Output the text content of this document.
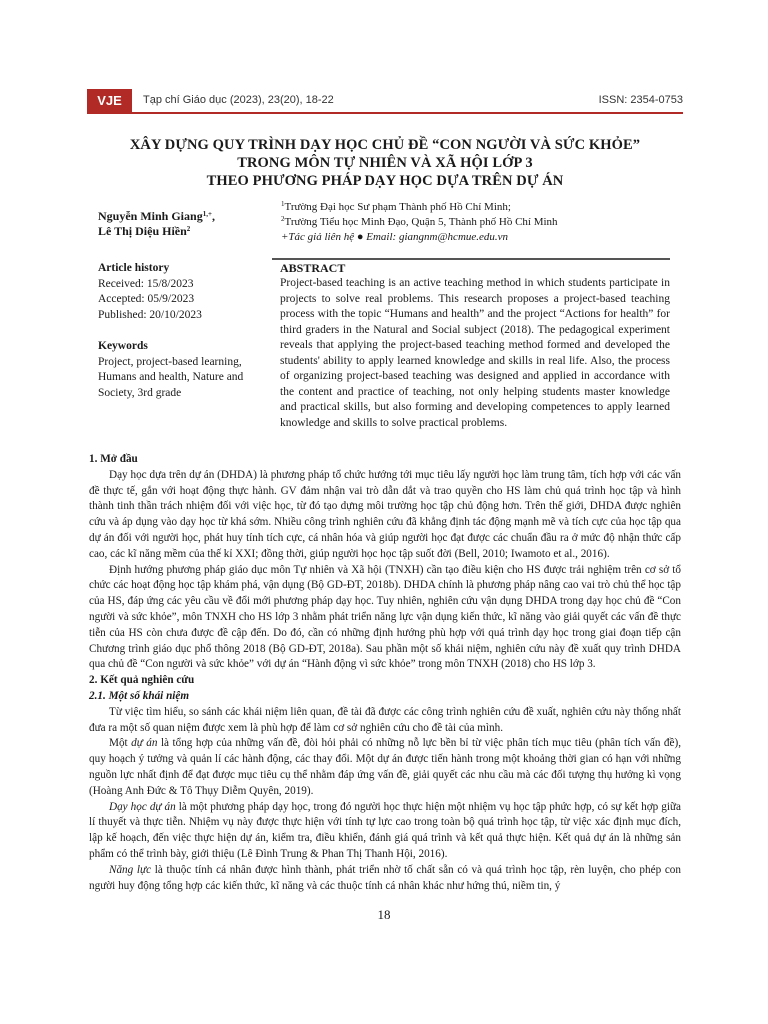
VJE	Tạp chí Giáo dục (2023), 23(20), 18-22	ISSN: 2354-0753
XÂY DỰNG QUY TRÌNH DẠY HỌC CHỦ ĐỀ “CON NGƯỜI VÀ SỨC KHỎE”
TRONG MÔN TỰ NHIÊN VÀ XÃ HỘI LỚP 3
THEO PHƯƠNG PHÁP DẠY HỌC DỰA TRÊN DỰ ÁN
Nguyễn Minh Giang$^{1,+}$,
Lê Thị Diệu Hiền$^2$
$^1$Trường Đại học Sư phạm Thành phố Hồ Chí Minh;
$^2$Trường Tiểu học Minh Đạo, Quận 5, Thành phố Hồ Chí Minh
+Tác giả liên hệ ● Email: giangnm@hcmue.edu.vn
Article history
Received: 15/8/2023
Accepted: 05/9/2023
Published: 20/10/2023
Keywords
Project, project-based learning, Humans and health, Nature and Society, 3rd grade
ABSTRACT
Project-based teaching is an active teaching method in which students participate in projects to solve real problems. This research proposes a project-based teaching process with the topic “Humans and health” and the project “Actions for health” for third graders in the Natural and Social subject (2018). The pedagogical experiment reveals that applying the project-based teaching method formed and developed the students' ability to apply learned knowledge and skills in real life. Also, the process of organizing project-based teaching was designed and applied in accordance with the content and practice of teaching, not only helping students master knowledge and practical skills, but also forming and developing competences to apply learned knowledge and skills to solve practical problems.
1. Mở đầu

Dạy học dựa trên dự án (DHDA) là phương pháp tổ chức hướng tới mục tiêu lấy người học làm trung tâm, tích hợp với các vấn đề thực tế, gắn với hoạt động thực hành. GV đảm nhận vai trò dẫn dắt và trao quyền cho HS làm chủ quá trình học tập và hình thành tinh thần trách nhiệm đối với việc học, từ đó tạo dựng môi trường học tập chủ động hơn. Trên thế giới, DHDA được nghiên cứu và áp dụng vào dạy học từ khá sớm. Nhiều công trình nghiên cứu đã khẳng định tác động mạnh mẽ và tích cực của học tập qua dự án đối với người học, phát huy tính tích cực, cá nhân hóa và giúp người học đạt được các chuẩn đầu ra ở mức độ nhận thức cấp cao, các kĩ năng mềm của thế kỉ XXI; đồng thời, giúp người học học tập suốt đời (Bell, 2010; Iwamoto et al., 2016).

Định hướng phương pháp giáo dục môn Tự nhiên và Xã hội (TNXH) cần tạo điều kiện cho HS được trải nghiệm trên cơ sở tổ chức các hoạt động học tập khám phá, vận dụng (Bộ GD-ĐT, 2018b). DHDA chính là phương pháp nâng cao vai trò chủ thể học tập của HS, đáp ứng các yêu cầu về đổi mới phương pháp dạy học. Tuy nhiên, nghiên cứu vận dụng DHDA trong dạy học chủ đề “Con người và sức khỏe”, môn TNXH cho HS lớp 3 nhằm phát triển năng lực vận dụng kiến thức, kĩ năng vào giải quyết các vấn đề thực tiễn của HS còn chưa được đề cập đến. Do đó, cần có những định hướng phù hợp với quá trình dạy học trong giai đoạn tiếp cận Chương trình giáo dục phổ thông 2018 (Bộ GD-ĐT, 2018a). Sau phần một số khái niệm, nghiên cứu này đề xuất quy trình DHDA qua chủ đề “Con người và sức khỏe” với dự án “Hành động vì sức khỏe” trong môn TNXH (2018) cho HS lớp 3.

2. Kết quả nghiên cứu
2.1. Một số khái niệm

Từ việc tìm hiểu, so sánh các khái niệm liên quan, đề tài đã được các công trình nghiên cứu đề xuất, nghiên cứu này thống nhất đưa ra một số quan niệm được xem là phù hợp để làm cơ sở nghiên cứu cho đề tài của mình.

Một dự án là tổng hợp của những vấn đề, đòi hỏi phải có những nỗ lực bền bỉ từ việc phân tích mục tiêu (phân tích vấn đề), quy hoạch ý tưởng và quản lí các hành động, các thay đổi. Một dự án được tiến hành trong một khoảng thời gian có hạn với những nguồn lực nhất định để đạt được mục tiêu cụ thể nhằm đáp ứng vấn đề, giải quyết các nhu cầu mà các đối tượng thụ hưởng kì vọng (Hoàng Anh Đức & Tô Thụy Diễm Quyên, 2019).

Dạy học dự án là một phương pháp dạy học, trong đó người học thực hiện một nhiệm vụ học tập phức hợp, có sự kết hợp giữa lí thuyết và thực tiễn. Nhiệm vụ này được thực hiện với tính tự lực cao trong toàn bộ quá trình học tập, từ việc xác định mục đích, lập kế hoạch, đến việc thực hiện dự án, kiểm tra, điều khiển, đánh giá quá trình và kết quả thực hiện. Kết quả dự án là những sản phẩm có thể trình bày, giới thiệu (Lê Đình Trung & Phan Thị Thanh Hội, 2016).

Năng lực là thuộc tính cá nhân được hình thành, phát triển nhờ tố chất sẵn có và quá trình học tập, rèn luyện, cho phép con người huy động tổng hợp các kiến thức, kĩ năng và các thuộc tính cá nhân khác như hứng thú, niềm tin, ý

18
